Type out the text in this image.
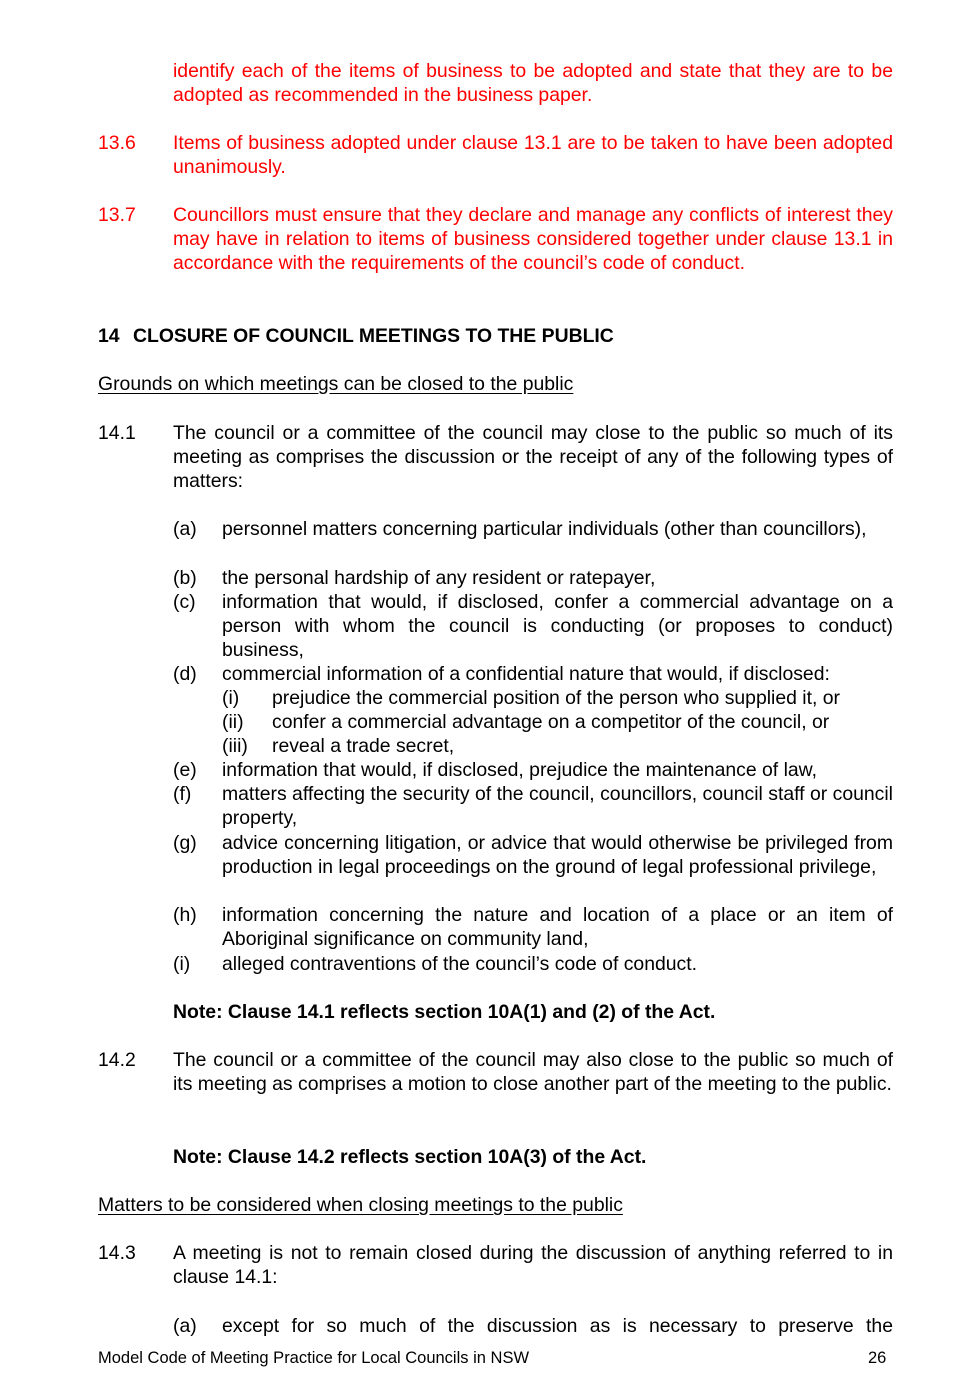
identify each of the items of business to be adopted and state that they are to be adopted as recommended in the business paper.
13.6 Items of business adopted under clause 13.1 are to be taken to have been adopted unanimously.
13.7 Councillors must ensure that they declare and manage any conflicts of interest they may have in relation to items of business considered together under clause 13.1 in accordance with the requirements of the council’s code of conduct.
14 CLOSURE OF COUNCIL MEETINGS TO THE PUBLIC
Grounds on which meetings can be closed to the public
14.1 The council or a committee of the council may close to the public so much of its meeting as comprises the discussion or the receipt of any of the following types of matters:
(a) personnel matters concerning particular individuals (other than councillors),
(b) the personal hardship of any resident or ratepayer,
(c) information that would, if disclosed, confer a commercial advantage on a person with whom the council is conducting (or proposes to conduct) business,
(d) commercial information of a confidential nature that would, if disclosed:
(i) prejudice the commercial position of the person who supplied it, or
(ii) confer a commercial advantage on a competitor of the council, or
(iii) reveal a trade secret,
(e) information that would, if disclosed, prejudice the maintenance of law,
(f) matters affecting the security of the council, councillors, council staff or council property,
(g) advice concerning litigation, or advice that would otherwise be privileged from production in legal proceedings on the ground of legal professional privilege,
(h) information concerning the nature and location of a place or an item of Aboriginal significance on community land,
(i) alleged contraventions of the council’s code of conduct.
Note: Clause 14.1 reflects section 10A(1) and (2) of the Act.
14.2 The council or a committee of the council may also close to the public so much of its meeting as comprises a motion to close another part of the meeting to the public.
Note: Clause 14.2 reflects section 10A(3) of the Act.
Matters to be considered when closing meetings to the public
14.3 A meeting is not to remain closed during the discussion of anything referred to in clause 14.1:
(a) except for so much of the discussion as is necessary to preserve the
Model Code of Meeting Practice for Local Councils in NSW	26
